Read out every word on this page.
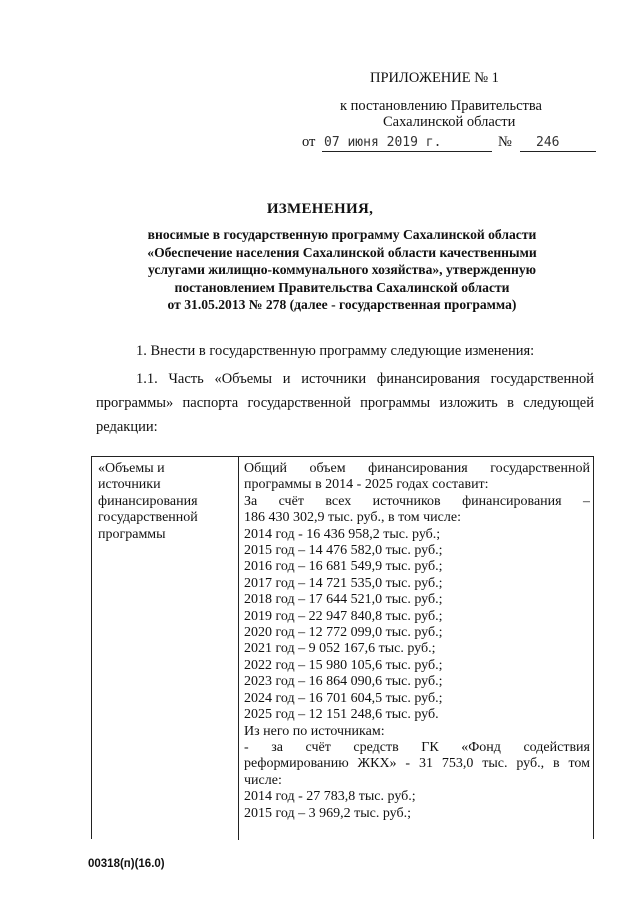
ПРИЛОЖЕНИЕ № 1
к постановлению Правительства
Сахалинской области
от 07 июня 2019 г.	№	246
ИЗМЕНЕНИЯ,
вносимые в государственную программу Сахалинской области
«Обеспечение населения Сахалинской области качественными
услугами жилищно-коммунального хозяйства», утвержденную
постановлением Правительства Сахалинской области
от 31.05.2013 № 278 (далее - государственная программа)
1. Внести в государственную программу следующие изменения:
1.1. Часть «Объемы и источники финансирования государственной
программы» паспорта государственной программы изложить в следующей
редакции:
«Объемы и
источники
финансирования
государственной
программы
Общий объем финансирования государственной
программы в 2014 - 2025 годах составит:
За счёт всех источников финансирования –
186 430 302,9 тыс. руб., в том числе:
2014 год - 16 436 958,2 тыс. руб.;
2015 год – 14 476 582,0 тыс. руб.;
2016 год – 16 681 549,9 тыс. руб.;
2017 год – 14 721 535,0 тыс. руб.;
2018 год – 17 644 521,0 тыс. руб.;
2019 год – 22 947 840,8 тыс. руб.;
2020 год – 12 772 099,0 тыс. руб.;
2021 год – 9 052 167,6 тыс. руб.;
2022 год – 15 980 105,6 тыс. руб.;
2023 год – 16 864 090,6 тыс. руб.;
2024 год – 16 701 604,5 тыс. руб.;
2025 год – 12 151 248,6 тыс. руб.
Из него по источникам:
- за счёт средств ГК «Фонд содействия
реформированию ЖКХ» - 31 753,0 тыс. руб., в том
числе:
2014 год - 27 783,8 тыс. руб.;
2015 год – 3 969,2 тыс. руб.;
00318(п)(16.0)
